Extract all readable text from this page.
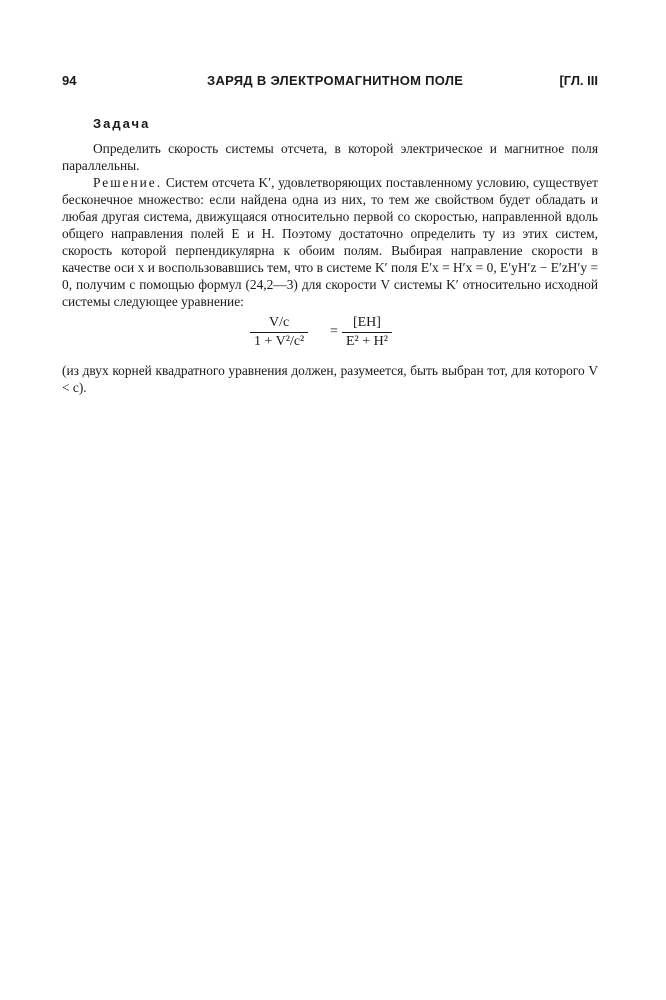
94	ЗАРЯД В ЭЛЕКТРОМАГНИТНОМ ПОЛЕ	[ГЛ. III
Задача
Определить скорость системы отсчета, в которой электрическое и магнитное поля параллельны.
Решение. Систем отсчета K′, удовлетворяющих поставленному условию, существует бесконечное множество: если найдена одна из них, то тем же свойством будет обладать и любая другая система, движущаяся относительно первой со скоростью, направленной вдоль общего направления полей E и H. Поэтому достаточно определить ту из этих систем, скорость которой перпендикулярна к обоим полям. Выбирая направление скорости в качестве оси x и воспользовавшись тем, что в системе K′ поля E′x = H′x = 0, E′yH′z − E′zH′y = 0, получим с помощью формул (24,2—3) для скорости V системы K′ относительно исходной системы следующее уравнение:
V/c
1 + V²/c²
=
[EH]
E² + H²
(из двух корней квадратного уравнения должен, разумеется, быть выбран тот, для которого V < c).
